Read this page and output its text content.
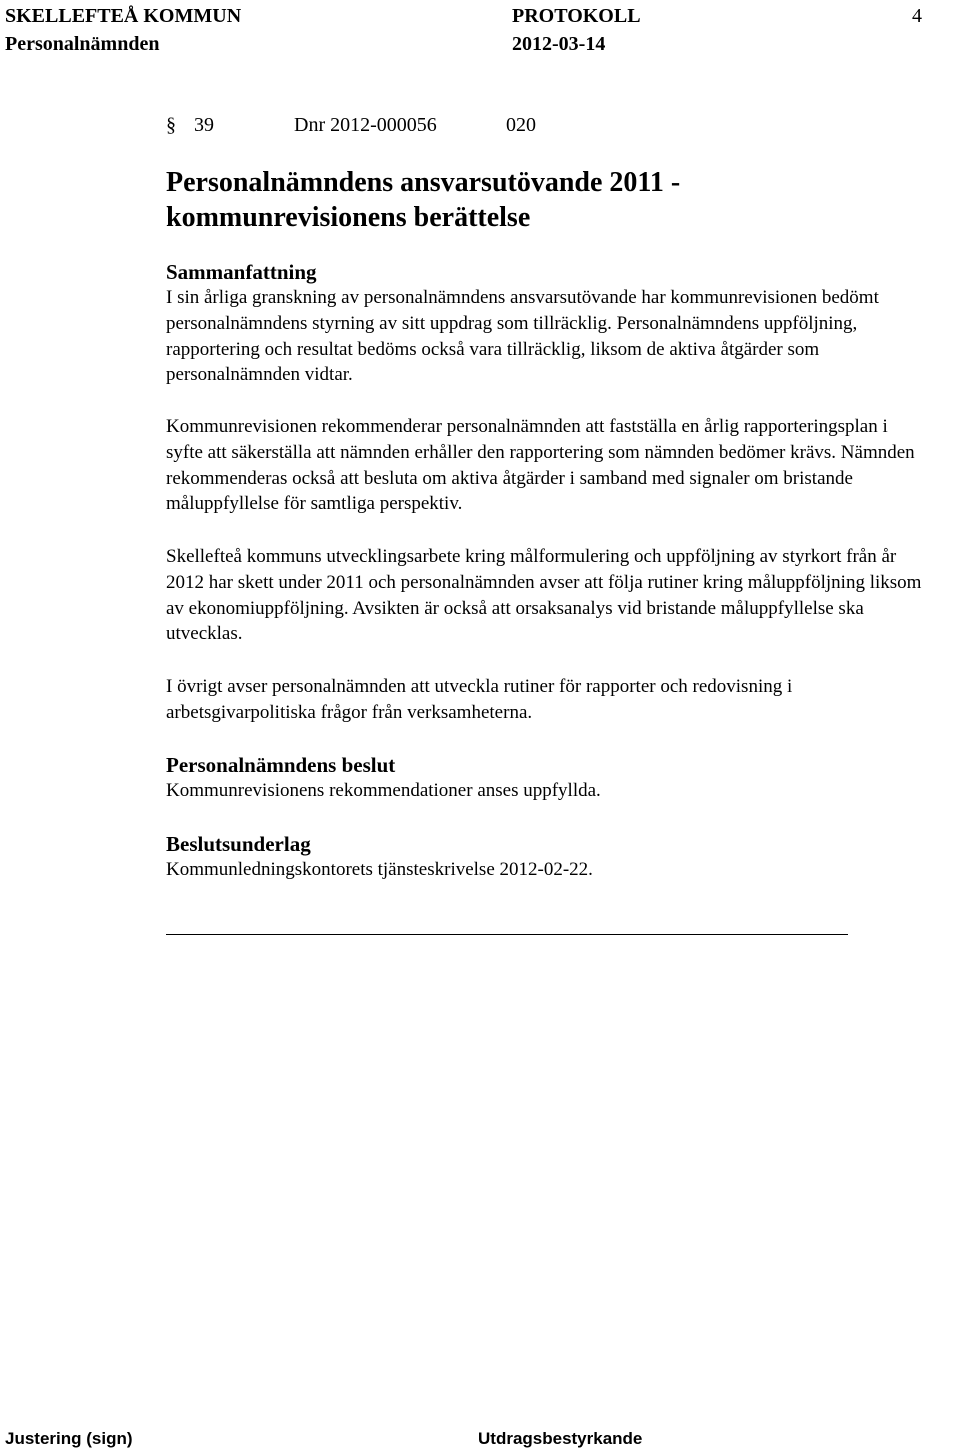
SKELLEFTEÅ KOMMUN
Personalnämnden
PROTOKOLL
2012-03-14
4
§ 39	Dnr 2012-000056	020
Personalnämndens ansvarsutövande 2011 -
kommunrevisionens berättelse
Sammanfattning
I sin årliga granskning av personalnämndens ansvarsutövande har kommunrevisionen bedömt personalnämndens styrning av sitt uppdrag som tillräcklig. Personalnämndens uppföljning, rapportering och resultat bedöms också vara tillräcklig, liksom de aktiva åtgärder som personalnämnden vidtar.

Kommunrevisionen rekommenderar personalnämnden att fastställa en årlig rapporteringsplan i syfte att säkerställa att nämnden erhåller den rapportering som nämnden bedömer krävs. Nämnden rekommenderas också att besluta om aktiva åtgärder i samband med signaler om bristande måluppfyllelse för samtliga perspektiv.

Skellefteå kommuns utvecklingsarbete kring målformulering och uppföljning av styrkort från år 2012 har skett under 2011 och personalnämnden avser att följa rutiner kring måluppföljning liksom av ekonomiuppföljning. Avsikten är också att orsaksanalys vid bristande måluppfyllelse ska utvecklas.

I övrigt avser personalnämnden att utveckla rutiner för rapporter och redovisning i arbetsgivarpolitiska frågor från verksamheterna.

Personalnämndens beslut
Kommunrevisionens rekommendationer anses uppfyllda.
Beslutsunderlag
Kommunledningskontorets tjänsteskrivelse 2012-02-22.
Justering (sign)	Utdragsbestyrkande
